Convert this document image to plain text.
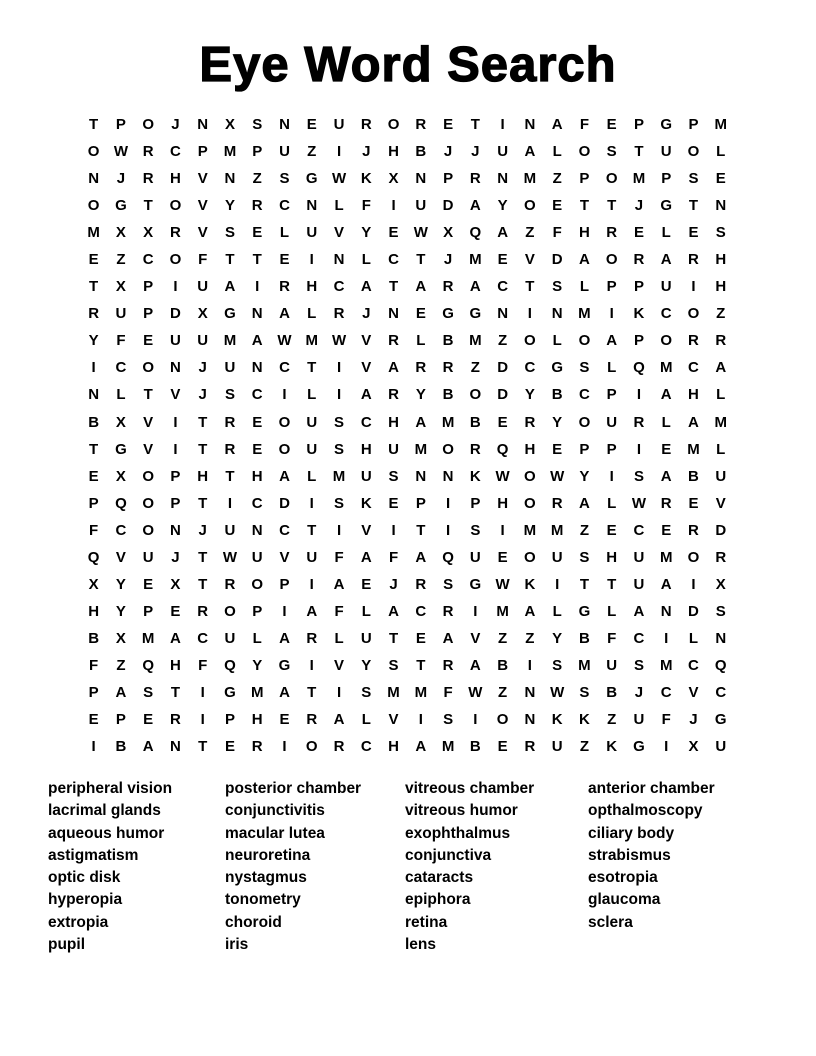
Eye Word Search
T	P	O	J	N	X	S	N	E	U	R	O	R	E	T	I	N	A	F	E	P	G	P	M
O W R	C	P	M	P	U	Z	I	J	H	B	J	J	U	A	L	O	S	T	U	O	L
N	J	R	H	V	N	Z	S	G W K	X	N	P	R	N	M	Z	P	O	M	P	S	E
O	G	T	O	V	Y	R	C	N	L	F	I	U	D	A	Y	O	E	T	T	J	G	T	N
M	X	X	R	V	S	E	L	U	V	Y	E	W	X	Q	A	Z	F	H	R	E	L	E	S
E	Z	C	O	F	T	T	E	I	N	L	C	T	J	M	E	V	D	A	O	R	A	R	H
T	X	P	I	U	A	I	R	H	C	A	T	A	R	A	C	T	S	L	P	P	U	I	H
R	U	P	D	X	G	N	A	L	R	J	N	E	G	G	N	I	N	M	I	K	C	O	Z
Y	F	E	U	U	M	A W M W	V	R	L	B	M	Z	O	L	O	A	P	O	R	R
I	C	O	N	J	U	N	C	T	I	V	A	R	R	Z	D	C	G	S	L	Q	M	C	A
N	L	T	V	J	S	C	I	L	I	A	R	Y	B	O	D	Y	B	C	P	I	A	H	L
B	X	V	I	T	R	E	O	U	S	C	H	A	M	B	E	R	Y	O	U	R	L	A	M
T	G	V	I	T	R	E	O	U	S	H	U	M	O	R	Q	H	E	P	P	I	E	M	L
E	X	O	P	H	T	H	A	L	M	U	S	N	N	K W O W	Y	I	S	A	B	U
P	Q	O	P	T	I	C	D	I	S	K	E	P	I	P	H	O	R	A	L	W R	E	V
F	C	O	N	J	U	N	C	T	I	V	I	T	I	S	I	M M	Z	E	C	E	R	D
Q	V	U	J	T	W U	V	U	F	A	F	A	Q	U	E	O	U	S	H	U	M	O	R
X	Y	E	X	T	R	O	P	I	A	E	J	R	S	G W K	I	T	T	U	A	I	X
H	Y	P	E	R	O	P	I	A	F	L	A	C	R	I	M	A	L	G	L	A	N	D	S
B	X	M	A	C	U	L	A	R	L	U	T	E	A	V	Z	Z	Y	B	F	C	I	L	N
F	Z	Q	H	F	Q	Y	G	I	V	Y	S	T	R	A	B	I	S	M	U	S	M	C	Q
P	A	S	T	I	G	M	A	T	I	S	M M	F	W	Z	N W	S	B	J	C	V	C
E	P	E	R	I	P	H	E	R	A	L	V	I	S	I	O	N	K	K	Z	U	F	J	G
I	B	A	N	T	E	R	I	O	R	C	H	A	M	B	E	R	U	Z	K	G	I	X	U
peripheral vision
lacrimal glands
aqueous humor
astigmatism
optic disk
hyperopia
extropia
pupil
posterior chamber
conjunctivitis
macular lutea
neuroretina
nystagmus
tonometry
choroid
iris
vitreous chamber
vitreous humor
exophthalmus
conjunctiva
cataracts
epiphora
retina
lens
anterior chamber
opthalmoscopy
ciliary body
strabismus
esotropia
glaucoma
sclera
